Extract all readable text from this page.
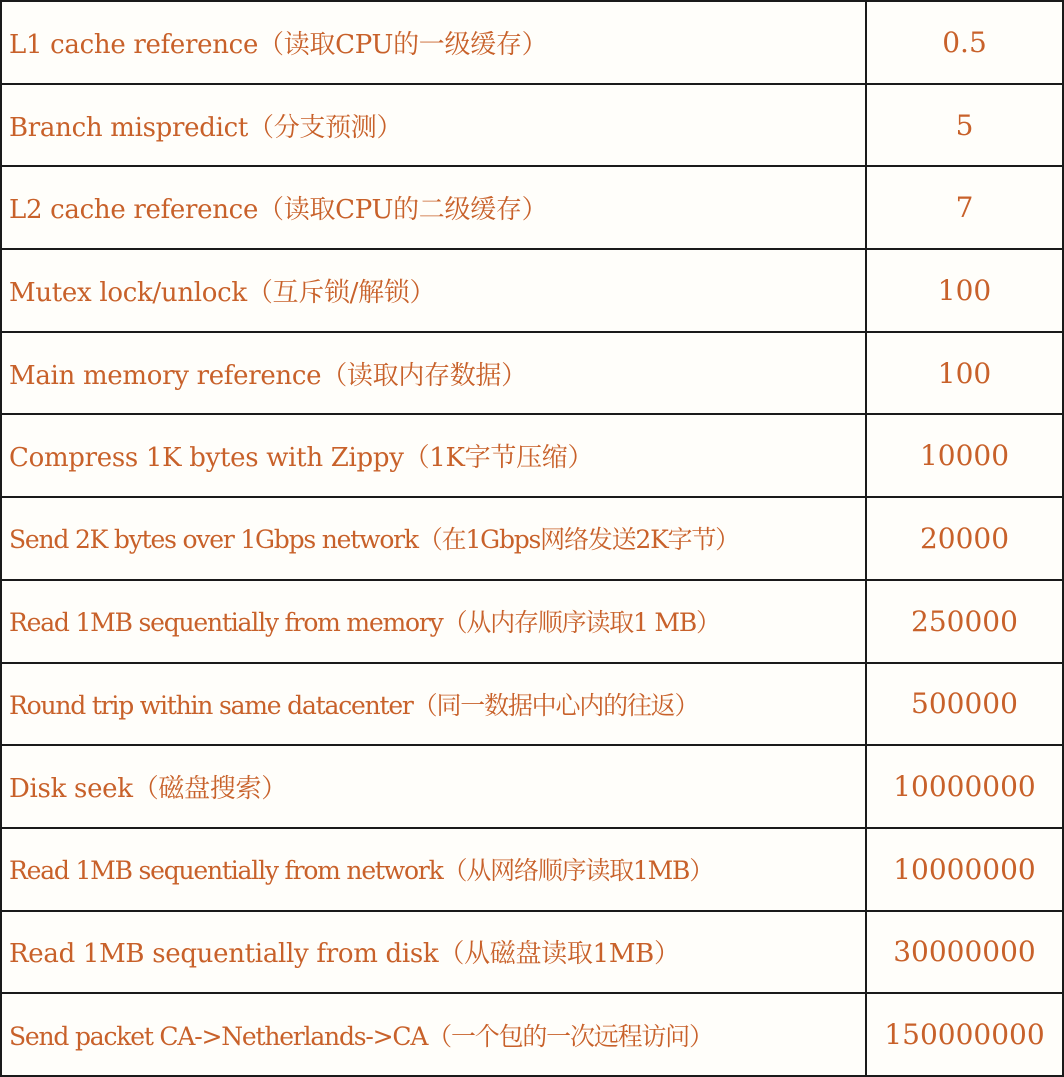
L1 cache reference（读取CPU的一级缓存）	0.5
Branch mispredict（分支预测）	5
L2 cache reference（读取CPU的二级缓存）	7
Mutex lock/unlock（互斥锁/解锁）	100
Main memory reference（读取内存数据）	100
Compress 1K bytes with Zippy（1K字节压缩）	10000
Send 2K bytes over 1Gbps network（在1Gbps网络发送2K字节）	20000
Read 1MB sequentially from memory（从内存顺序读取1 MB）	250000
Round trip within same datacenter（同一数据中心内的往返）	500000
Disk seek（磁盘搜索）	10000000
Read 1MB sequentially from network（从网络顺序读取1MB）	10000000
Read 1MB sequentially from disk（从磁盘读取1MB）	30000000
Send packet CA->Netherlands->CA（一个包的一次远程访问）	150000000
